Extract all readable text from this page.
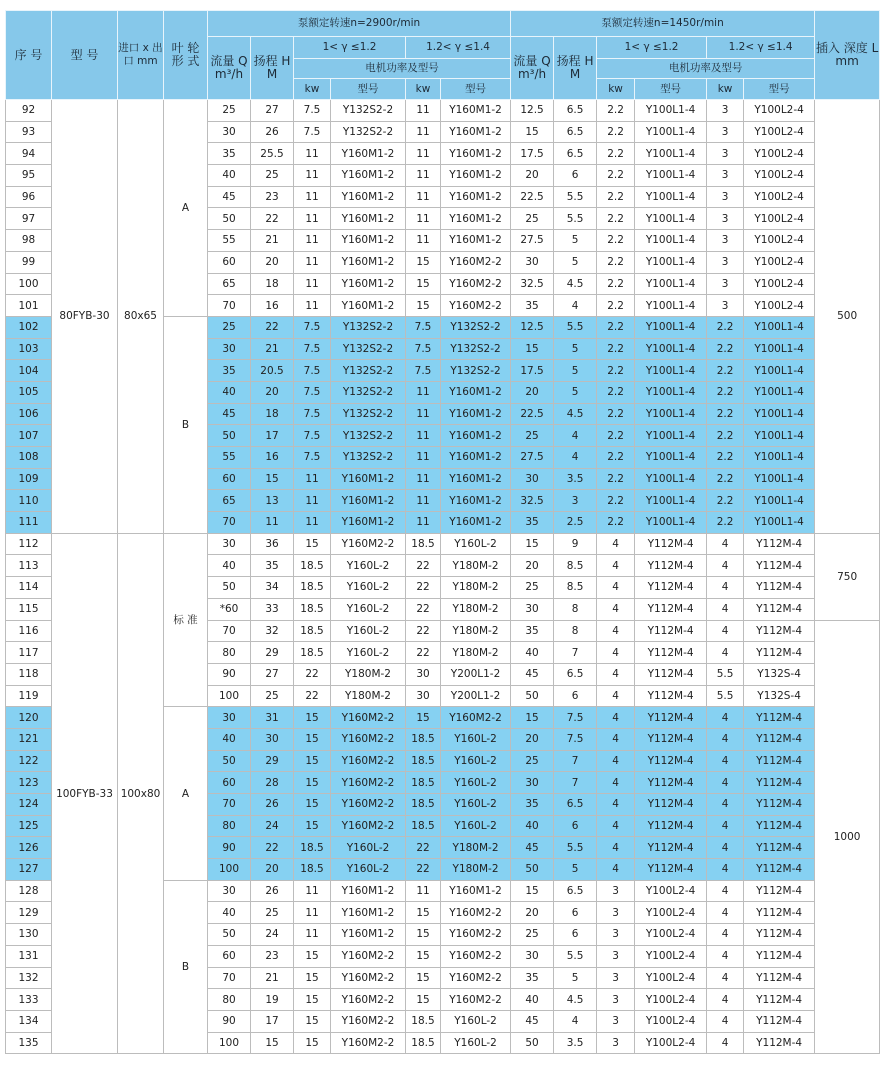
序 号	型 号	进口 x 出口 mm	叶 轮 形 式	泵额定转速n=2900r/min						泵额定转速n=1450r/min						插入 深度 L mm
				流量 Q m³/h	扬程 H M	1< γ ≤1.2		1.2< γ ≤1.4		流量 Q m³/h	扬程 H M	1< γ ≤1.2		1.2< γ ≤1.4		
						电机功率及型号						电机功率及型号				
						kw	型号	kw	型号			kw	型号	kw	型号	
92	80FYB-30	80x65	A	25	27	7.5	Y132S2-2	11	Y160M1-2	12.5	6.5	2.2	Y100L1-4	3	Y100L2-4	500
93				30	26	7.5	Y132S2-2	11	Y160M1-2	15	6.5	2.2	Y100L1-4	3	Y100L2-4	
94				35	25.5	11	Y160M1-2	11	Y160M1-2	17.5	6.5	2.2	Y100L1-4	3	Y100L2-4	
95				40	25	11	Y160M1-2	11	Y160M1-2	20	6	2.2	Y100L1-4	3	Y100L2-4	
96				45	23	11	Y160M1-2	11	Y160M1-2	22.5	5.5	2.2	Y100L1-4	3	Y100L2-4	
97				50	22	11	Y160M1-2	11	Y160M1-2	25	5.5	2.2	Y100L1-4	3	Y100L2-4	
98				55	21	11	Y160M1-2	11	Y160M1-2	27.5	5	2.2	Y100L1-4	3	Y100L2-4	
99				60	20	11	Y160M1-2	15	Y160M2-2	30	5	2.2	Y100L1-4	3	Y100L2-4	
100				65	18	11	Y160M1-2	15	Y160M2-2	32.5	4.5	2.2	Y100L1-4	3	Y100L2-4	
101				70	16	11	Y160M1-2	15	Y160M2-2	35	4	2.2	Y100L1-4	3	Y100L2-4	
102			B	25	22	7.5	Y132S2-2	7.5	Y132S2-2	12.5	5.5	2.2	Y100L1-4	2.2	Y100L1-4	
103				30	21	7.5	Y132S2-2	7.5	Y132S2-2	15	5	2.2	Y100L1-4	2.2	Y100L1-4	
104				35	20.5	7.5	Y132S2-2	7.5	Y132S2-2	17.5	5	2.2	Y100L1-4	2.2	Y100L1-4	
105				40	20	7.5	Y132S2-2	11	Y160M1-2	20	5	2.2	Y100L1-4	2.2	Y100L1-4	
106				45	18	7.5	Y132S2-2	11	Y160M1-2	22.5	4.5	2.2	Y100L1-4	2.2	Y100L1-4	
107				50	17	7.5	Y132S2-2	11	Y160M1-2	25	4	2.2	Y100L1-4	2.2	Y100L1-4	
108				55	16	7.5	Y132S2-2	11	Y160M1-2	27.5	4	2.2	Y100L1-4	2.2	Y100L1-4	
109				60	15	11	Y160M1-2	11	Y160M1-2	30	3.5	2.2	Y100L1-4	2.2	Y100L1-4	
110				65	13	11	Y160M1-2	11	Y160M1-2	32.5	3	2.2	Y100L1-4	2.2	Y100L1-4	
111				70	11	11	Y160M1-2	11	Y160M1-2	35	2.5	2.2	Y100L1-4	2.2	Y100L1-4	
112	100FYB-33	100x80	标 准	30	36	15	Y160M2-2	18.5	Y160L-2	15	9	4	Y112M-4	4	Y112M-4	750
113				40	35	18.5	Y160L-2	22	Y180M-2	20	8.5	4	Y112M-4	4	Y112M-4	
114				50	34	18.5	Y160L-2	22	Y180M-2	25	8.5	4	Y112M-4	4	Y112M-4	
115				*60	33	18.5	Y160L-2	22	Y180M-2	30	8	4	Y112M-4	4	Y112M-4	
116				70	32	18.5	Y160L-2	22	Y180M-2	35	8	4	Y112M-4	4	Y112M-4	1000
117				80	29	18.5	Y160L-2	22	Y180M-2	40	7	4	Y112M-4	4	Y112M-4	
118				90	27	22	Y180M-2	30	Y200L1-2	45	6.5	4	Y112M-4	5.5	Y132S-4	
119				100	25	22	Y180M-2	30	Y200L1-2	50	6	4	Y112M-4	5.5	Y132S-4	
120			A	30	31	15	Y160M2-2	15	Y160M2-2	15	7.5	4	Y112M-4	4	Y112M-4	
121				40	30	15	Y160M2-2	18.5	Y160L-2	20	7.5	4	Y112M-4	4	Y112M-4	
122				50	29	15	Y160M2-2	18.5	Y160L-2	25	7	4	Y112M-4	4	Y112M-4	
123				60	28	15	Y160M2-2	18.5	Y160L-2	30	7	4	Y112M-4	4	Y112M-4	
124				70	26	15	Y160M2-2	18.5	Y160L-2	35	6.5	4	Y112M-4	4	Y112M-4	
125				80	24	15	Y160M2-2	18.5	Y160L-2	40	6	4	Y112M-4	4	Y112M-4	
126				90	22	18.5	Y160L-2	22	Y180M-2	45	5.5	4	Y112M-4	4	Y112M-4	
127				100	20	18.5	Y160L-2	22	Y180M-2	50	5	4	Y112M-4	4	Y112M-4	
128			B	30	26	11	Y160M1-2	11	Y160M1-2	15	6.5	3	Y100L2-4	4	Y112M-4	
129				40	25	11	Y160M1-2	15	Y160M2-2	20	6	3	Y100L2-4	4	Y112M-4	
130				50	24	11	Y160M1-2	15	Y160M2-2	25	6	3	Y100L2-4	4	Y112M-4	
131				60	23	15	Y160M2-2	15	Y160M2-2	30	5.5	3	Y100L2-4	4	Y112M-4	
132				70	21	15	Y160M2-2	15	Y160M2-2	35	5	3	Y100L2-4	4	Y112M-4	
133				80	19	15	Y160M2-2	15	Y160M2-2	40	4.5	3	Y100L2-4	4	Y112M-4	
134				90	17	15	Y160M2-2	18.5	Y160L-2	45	4	3	Y100L2-4	4	Y112M-4	
135				100	15	15	Y160M2-2	18.5	Y160L-2	50	3.5	3	Y100L2-4	4	Y112M-4	
